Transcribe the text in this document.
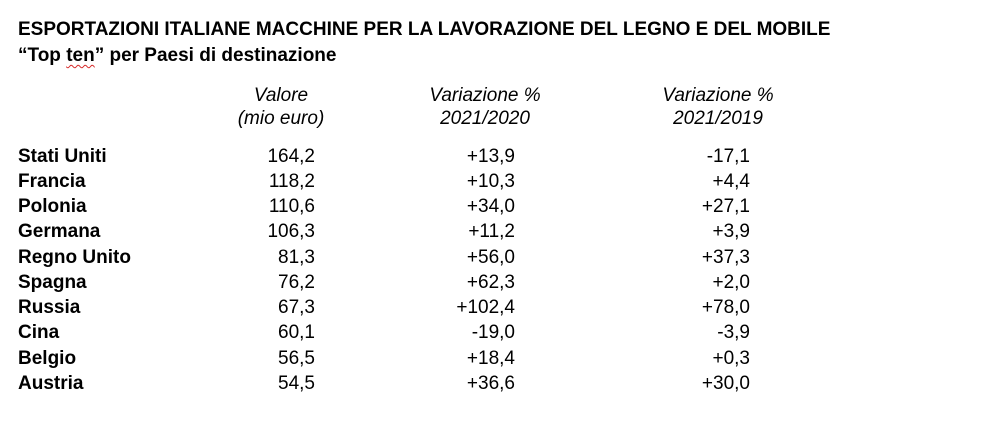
ESPORTAZIONI ITALIANE MACCHINE PER LA LAVORAZIONE DEL LEGNO E DEL MOBILE
“Top ten” per Paesi di destinazione
Valore
(mio euro)
Variazione %
2021/2020
Variazione %
2021/2019
Stati Uniti	164,2	+13,9	-17,1
Francia	118,2	+10,3	+4,4
Polonia	110,6	+34,0	+27,1
Germana	106,3	+11,2	+3,9
Regno Unito	81,3	+56,0	+37,3
Spagna	76,2	+62,3	+2,0
Russia	67,3	+102,4	+78,0
Cina	60,1	-19,0	-3,9
Belgio	56,5	+18,4	+0,3
Austria	54,5	+36,6	+30,0
